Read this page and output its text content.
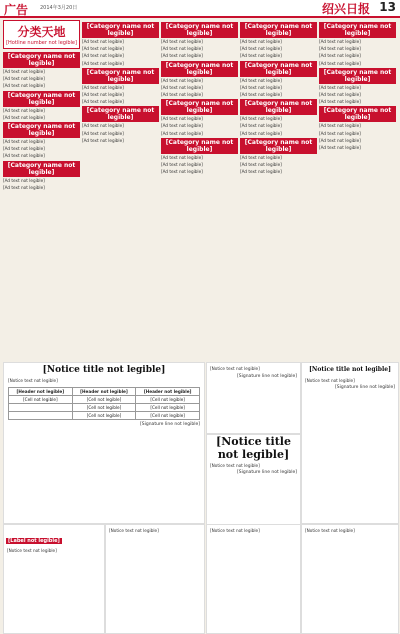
广告 2014年3月20日	绍兴日报 13
分类天地
[Hotline number not legible]
[Category name not legible]
[Ad text not legible]
[Ad text not legible]
[Ad text not legible]
[Category name not legible]
[Ad text not legible]
[Ad text not legible]
[Category name not legible]
[Ad text not legible]
[Ad text not legible]
[Ad text not legible]
[Category name not legible]
[Ad text not legible]
[Ad text not legible]
[Category name not legible]
[Ad text not legible]
[Ad text not legible]
[Ad text not legible]
[Ad text not legible]
[Category name not legible]
[Ad text not legible]
[Ad text not legible]
[Ad text not legible]
[Category name not legible]
[Ad text not legible]
[Ad text not legible]
[Ad text not legible]
[Category name not legible]
[Ad text not legible]
[Ad text not legible]
[Ad text not legible]
[Category name not legible]
[Ad text not legible]
[Ad text not legible]
[Ad text not legible]
[Category name not legible]
[Ad text not legible]
[Ad text not legible]
[Ad text not legible]
[Category name not legible]
[Ad text not legible]
[Ad text not legible]
[Ad text not legible]
[Category name not legible]
[Ad text not legible]
[Ad text not legible]
[Ad text not legible]
[Category name not legible]
[Ad text not legible]
[Ad text not legible]
[Ad text not legible]
[Category name not legible]
[Ad text not legible]
[Ad text not legible]
[Ad text not legible]
[Category name not legible]
[Ad text not legible]
[Ad text not legible]
[Ad text not legible]
[Category name not legible]
[Ad text not legible]
[Ad text not legible]
[Ad text not legible]
[Ad text not legible]
[Category name not legible]
[Ad text not legible]
[Ad text not legible]
[Ad text not legible]
[Category name not legible]
[Ad text not legible]
[Ad text not legible]
[Ad text not legible]
[Ad text not legible]
[Notice title not legible]
[Notice text not legible]
[Header not legible]	[Header not legible]	[Header not legible]
[Cell not legible]	[Cell not legible]	[Cell not legible]
	[Cell not legible]	[Cell not legible]
	[Cell not legible]	[Cell not legible]
[Signature line not legible]
[Label not legible]
[Notice text not legible]
[Notice text not legible]
[Notice text not legible]
[Signature line not legible]
[Notice title not legible]
[Notice text not legible]
[Signature line not legible]
[Notice title not legible]
[Notice text not legible]
[Signature line not legible]
[Notice text not legible]	[Notice text not legible]
